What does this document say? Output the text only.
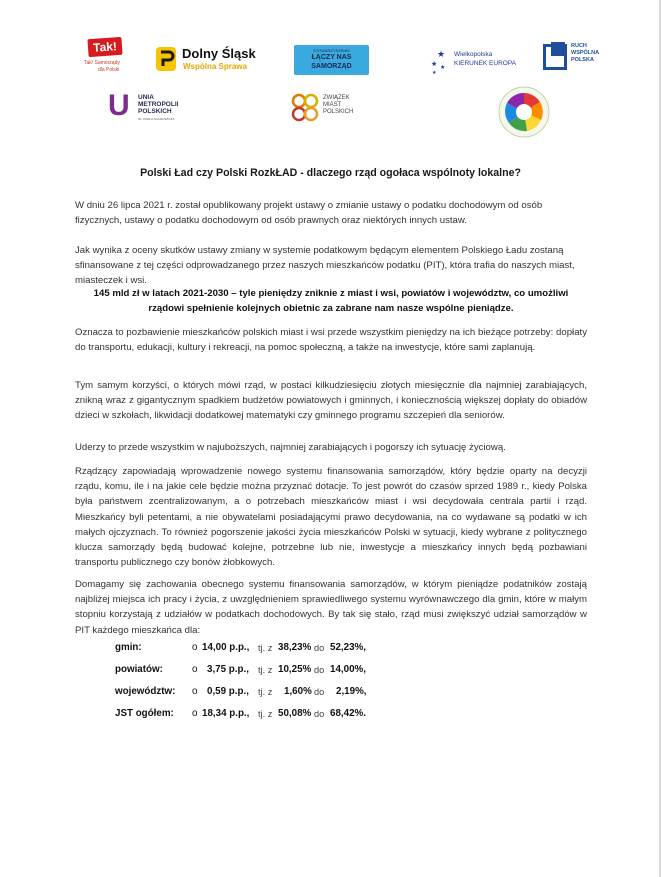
Tak!
Tak! Samorządy
dla Polski
Dolny Śląsk
Wspólna Sprawa
STOWARZYSZENIE
ŁĄCZY NAS
SAMORZĄD
★
★ ★
★
Wielkopolska
KIERUNEK EUROPA
RUCH
WSPÓLNA
POLSKA
U UNIA
METROPOLII
POLSKICH
IM. PAWŁA ADAMOWICZA
ZWIĄZEK
MIAST
POLSKICH
Polski Ład czy Polski RozkŁAD - dlaczego rząd ogołaca wspólnoty lokalne?

W dniu 26 lipca 2021 r. został opublikowany projekt ustawy o zmianie ustawy o podatku dochodowym od osób fizycznych, ustawy o podatku dochodowym od osób prawnych oraz niektórych innych ustaw.

Jak wynika z oceny skutków ustawy zmiany w systemie podatkowym będącym elementem Polskiego Ładu zostaną sfinansowane z tej części odprowadzanego przez naszych mieszkańców podatku (PIT), która trafia do naszych miast, miasteczek i wsi.

145 mld zł w latach 2021-2030 – tyle pieniędzy zniknie z miast i wsi, powiatów i województw, co umożliwi rządowi spełnienie kolejnych obietnic za zabrane nam nasze wspólne pieniądze.

Oznacza to pozbawienie mieszkańców polskich miast i wsi przede wszystkim pieniędzy na ich bieżące potrzeby: dopłaty do transportu, edukacji, kultury i rekreacji, na pomoc społeczną, a także na inwestycje, które sami zaplanują.

Tym samym korzyści, o których mówi rząd, w postaci kilkudziesięciu złotych miesięcznie dla najmniej zarabiających, znikną wraz z gigantycznym spadkiem budżetów powiatowych i gminnych, i koniecznością większej dopłaty do obiadów dzieci w szkołach, likwidacji dodatkowej matematyki czy gminnego programu szczepień dla seniorów.

Uderzy to przede wszystkim w najuboższych, najmniej zarabiających i pogorszy ich sytuację życiową.

Rządzący zapowiadają wprowadzenie nowego systemu finansowania samorządów, który będzie oparty na decyzji rządu, komu, ile i na jakie cele będzie można przyznać dotacje. To jest powrót do czasów sprzed 1989 r., kiedy Polska była państwem zcentralizowanym, a o potrzebach mieszkańców miast i wsi decydowała centrala partii i rząd. Mieszkańcy byli petentami, a nie obywatelami posiadającymi prawo decydowania, na co wydawane są podatki w ich małych ojczyznach. To również pogorszenie jakości życia mieszkańców Polski w sytuacji, kiedy wybrane z politycznego klucza samorządy będą budować kolejne, potrzebne lub nie, inwestycje a mieszkańcy innych będą pozbawiani transportu publicznego czy bonów żłobkowych.

Domagamy się zachowania obecnego systemu finansowania samorządów, w którym pieniądze podatników zostają najbliżej miejsca ich pracy i życia, z uwzględnieniem sprawiedliwego systemu wyrównawczego dla gmin, które w małym stopniu korzystają z udziałów w podatkach dochodowych. By tak się stało, rząd musi zwiększyć udział samorządów w PIT każdego mieszkańca dla:

gmin:	o 14,00 p.p., tj. z 38,23% do 52,23%,
powiatów:	o 3,75 p.p., tj. z 10,25% do 14,00%,
województw: o 0,59 p.p., tj. z 1,60% do 2,19%,
JST ogółem: o 18,34 p.p., tj. z 50,08% do 68,42%.
